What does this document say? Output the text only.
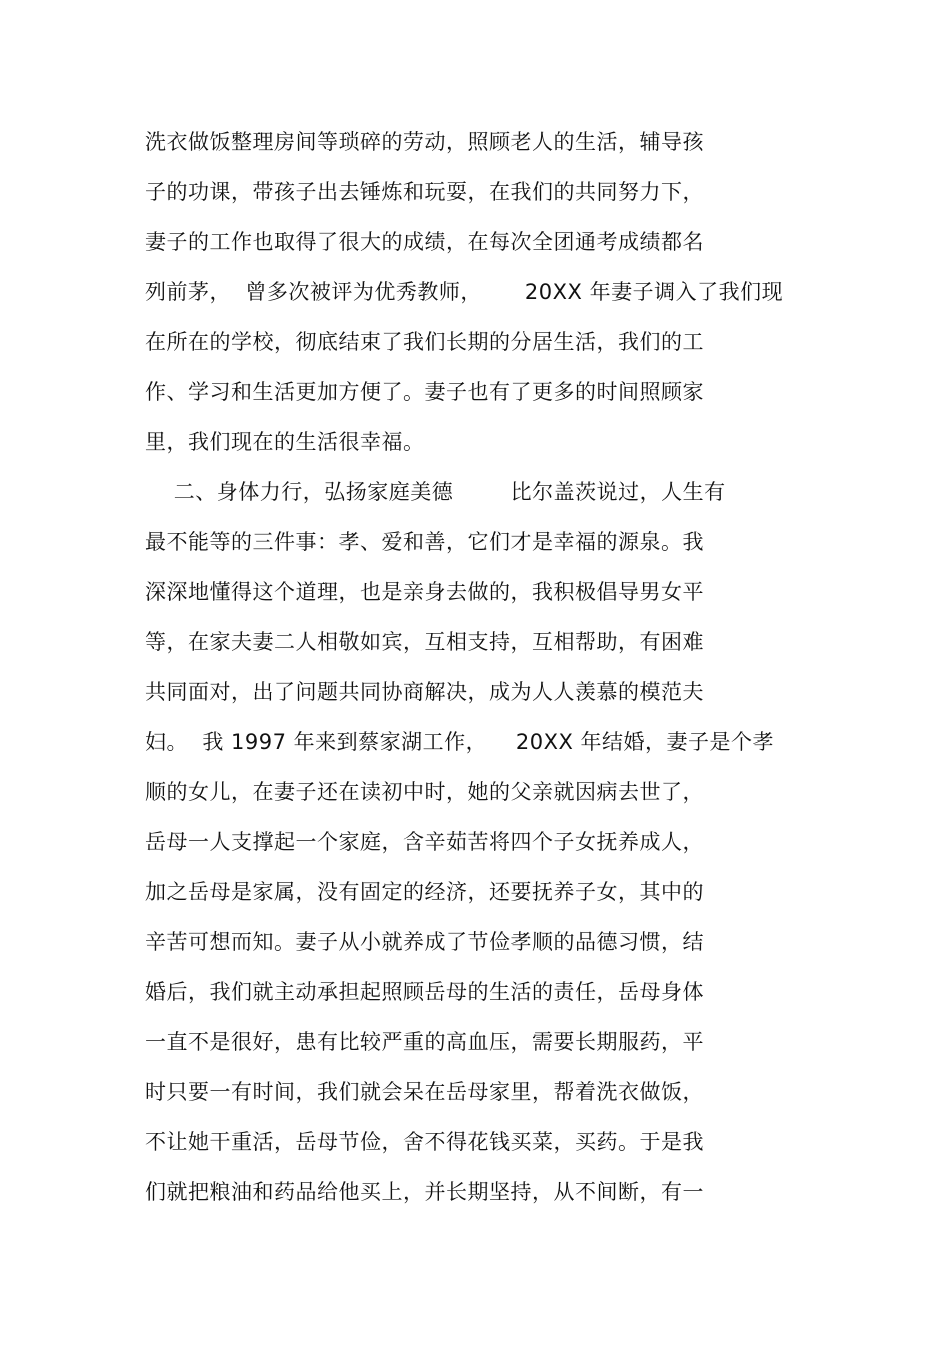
洗衣做饭整理房间等琐碎的劳动，照顾老人的生活，辅导孩
子的功课，带孩子出去锤炼和玩耍，在我们的共同努力下，
妻子的工作也取得了很大的成绩，在每次全团通考成绩都名
列前茅，  曾多次被评为优秀教师，      20XX 年妻子调入了我们现
在所在的学校，彻底结束了我们长期的分居生活，我们的工
作、学习和生活更加方便了。妻子也有了更多的时间照顾家
里，我们现在的生活很幸福。
二、身体力行，弘扬家庭美德        比尔盖茨说过，人生有
最不能等的三件事：孝、爱和善，它们才是幸福的源泉。我
深深地懂得这个道理，也是亲身去做的，我积极倡导男女平
等，在家夫妻二人相敬如宾，互相支持，互相帮助，有困难
共同面对，出了问题共同协商解决，成为人人羡慕的模范夫
妇。  我 1997 年来到蔡家湖工作，    20XX 年结婚，妻子是个孝
顺的女儿，在妻子还在读初中时，她的父亲就因病去世了，
岳母一人支撑起一个家庭，含辛茹苦将四个子女抚养成人，
加之岳母是家属，没有固定的经济，还要抚养子女，其中的
辛苦可想而知。妻子从小就养成了节俭孝顺的品德习惯，结
婚后，我们就主动承担起照顾岳母的生活的责任，岳母身体
一直不是很好，患有比较严重的高血压，需要长期服药，平
时只要一有时间，我们就会呆在岳母家里，帮着洗衣做饭，
不让她干重活，岳母节俭，舍不得花钱买菜，买药。于是我
们就把粮油和药品给他买上，并长期坚持，从不间断，有一
